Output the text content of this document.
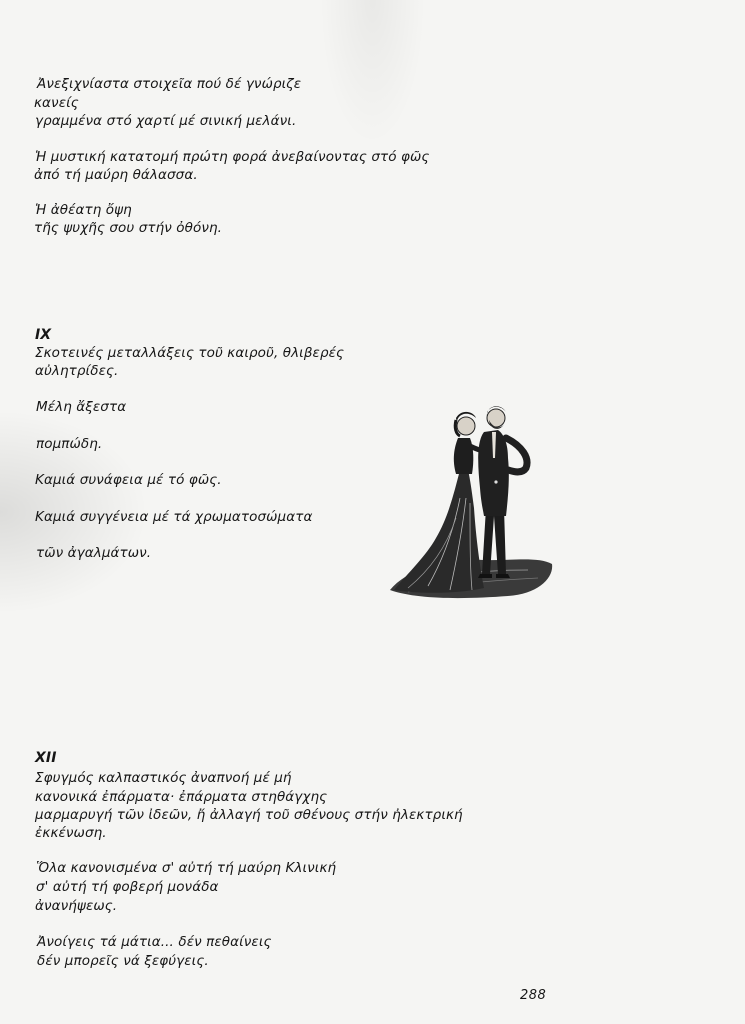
Ἀνεξιχνίαστα στοιχεῖα πού δέ γνώριζε
κανείς
γραμμένα στό χαρτί μέ σινική μελάνι.
Ἡ μυστική κατατομή πρώτη φορά ἀνεβαίνοντας στό φῶς
ἀπό τή μαύρη θάλασσα.
Ἡ ἀθέατη ὄψη
τῆς ψυχῆς σου στήν ὀθόνη.
IX
Σκοτεινές μεταλλάξεις τοῦ καιροῦ, θλιβερές
αὐλητρίδες.
Μέλη ἄξεστα
πομπώδη.
Καμιά συνάφεια μέ τό φῶς.
Καμιά συγγένεια μέ τά χρωματοσώματα
τῶν ἀγαλμάτων.
XII
Σφυγμός καλπαστικός ἀναπνοή μέ μή
κανονικά ἐπάρματα· ἐπάρματα στηθάγχης
μαρμαρυγή τῶν ἰδεῶν, ἤ ἀλλαγή τοῦ σθένους στήν ἠλεκτρική
ἐκκένωση.
Ὅλα κανονισμένα σ' αὐτή τή μαύρη Κλινική
σ' αὐτή τή φοβερή μονάδα
ἀνανήψεως.
Ἀνοίγεις τά μάτια... δέν πεθαίνεις
δέν μπορεῖς νά ξεφύγεις.
288
